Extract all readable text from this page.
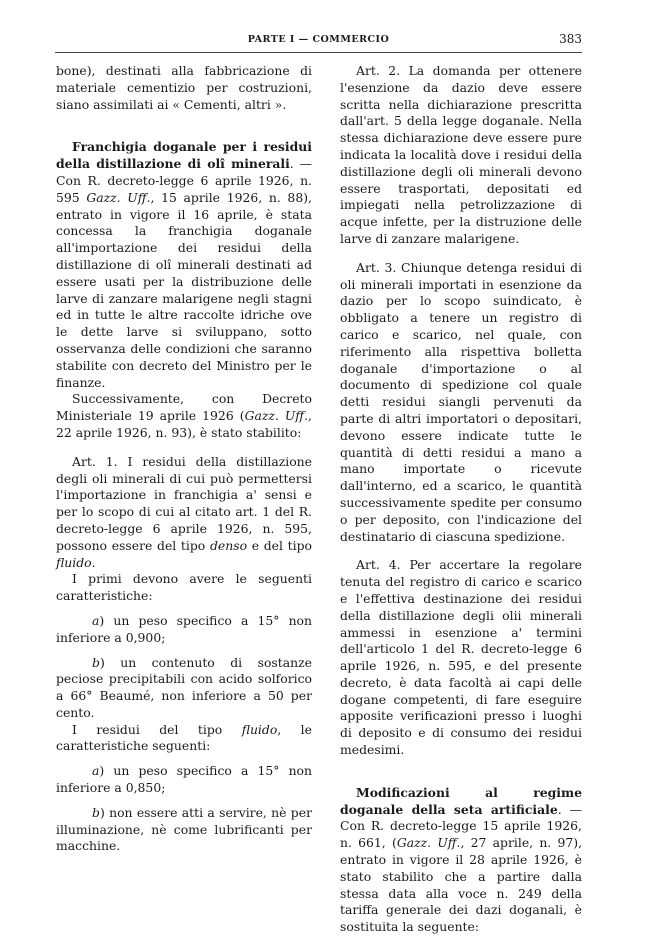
PARTE I — COMMERCIO	383

bone), destinati alla fabbricazione di materiale cementizio per costruzioni, siano assimilati ai « Cementi, altri ».

Franchigia doganale per i residui della distillazione di olî minerali. — Con R. decreto-legge 6 aprile 1926, n. 595 Gazz. Uff., 15 aprile 1926, n. 88), entrato in vigore il 16 aprile, è stata concessa la franchigia doganale all'importazione dei residui della distillazione di olî minerali destinati ad essere usati per la distribuzione delle larve di zanzare malarigene negli stagni ed in tutte le altre raccolte idriche ove le dette larve si sviluppano, sotto osservanza delle condizioni che saranno stabilite con decreto del Ministro per le finanze.

Successivamente, con Decreto Ministeriale 19 aprile 1926 (Gazz. Uff., 22 aprile 1926, n. 93), è stato stabilito:

Art. 1. I residui della distillazione degli oli minerali di cui può permettersi l'importazione in franchigia a' sensi e per lo scopo di cui al citato art. 1 del R. decreto-legge 6 aprile 1926, n. 595, possono essere del tipo denso e del tipo fluido.

I primi devono avere le seguenti caratteristiche:

a) un peso specifico a 15° non inferiore a 0,900;

b) un contenuto di sostanze peciose precipitabili con acido solforico a 66° Beaumé, non inferiore a 50 per cento.

I residui del tipo fluido, le caratteristiche seguenti:

a) un peso specifico a 15° non inferiore a 0,850;

b) non essere atti a servire, nè per illuminazione, nè come lubrificanti per macchine.

Art. 2. La domanda per ottenere l'esenzione da dazio deve essere scritta nella dichiarazione prescritta dall'art. 5 della legge doganale. Nella stessa dichiarazione deve essere pure indicata la località dove i residui della distillazione degli oli minerali devono essere trasportati, depositati ed impiegati nella petrolizzazione di acque infette, per la distruzione delle larve di zanzare malarigene.

Art. 3. Chiunque detenga residui di oli minerali importati in esenzione da dazio per lo scopo suindicato, è obbligato a tenere un registro di carico e scarico, nel quale, con riferimento alla rispettiva bolletta doganale d'importazione o al documento di spedizione col quale detti residui siangli pervenuti da parte di altri importatori o depositari, devono essere indicate tutte le quantità di detti residui a mano a mano importate o ricevute dall'interno, ed a scarico, le quantità successivamente spedite per consumo o per deposito, con l'indicazione del destinatario di ciascuna spedizione.

Art. 4. Per accertare la regolare tenuta del registro di carico e scarico e l'effettiva destinazione dei residui della distillazione degli olii minerali ammessi in esenzione a' termini dell'articolo 1 del R. decreto-legge 6 aprile 1926, n. 595, e del presente decreto, è data facoltà ai capi delle dogane competenti, di fare eseguire apposite verificazioni presso i luoghi di deposito e di consumo dei residui medesimi.

Modificazioni al regime doganale della seta artificiale. — Con R. decreto-legge 15 aprile 1926, n. 661, (Gazz. Uff., 27 aprile, n. 97), entrato in vigore il 28 aprile 1926, è stato stabilito che a partire dalla stessa data alla voce n. 249 della tariffa generale dei dazi doganali, è sostituita la seguente:
